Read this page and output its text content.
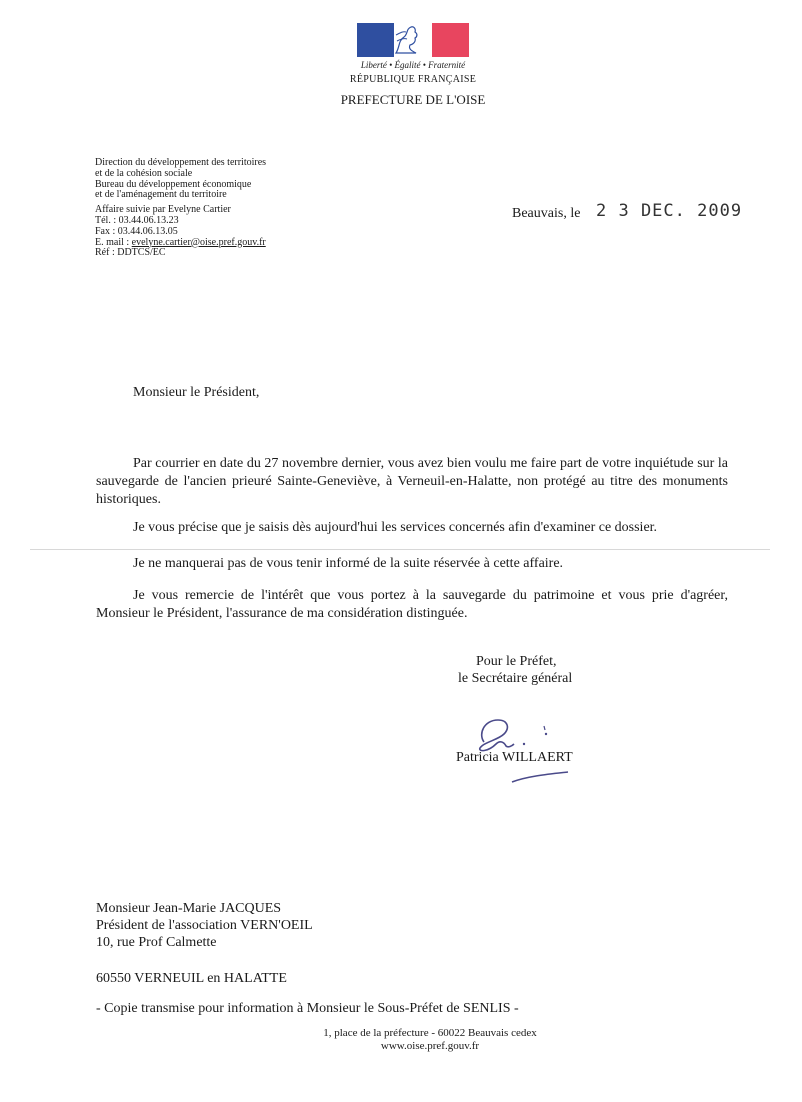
Liberté • Égalité • Fraternité
RÉPUBLIQUE FRANÇAISE
PREFECTURE DE L'OISE
Direction du développement des territoires
et de la cohésion sociale
Bureau du développement économique
et de l'aménagement du territoire
Affaire suivie par Evelyne Cartier
Tél. : 03.44.06.13.23
Fax : 03.44.06.13.05
E. mail : evelyne.cartier@oise.pref.gouv.fr
Réf : DDTCS/EC
Beauvais, le 2 3 DEC. 2009
Monsieur le Président,
Par courrier en date du 27 novembre dernier, vous avez bien voulu me faire part de votre inquiétude sur la sauvegarde de l'ancien prieuré Sainte-Geneviève, à Verneuil-en-Halatte, non protégé au titre des monuments historiques.
Je vous précise que je saisis dès aujourd'hui les services concernés afin d'examiner ce dossier.
Je ne manquerai pas de vous tenir informé de la suite réservée à cette affaire.
Je vous remercie de l'intérêt que vous portez à la sauvegarde du patrimoine et vous prie d'agréer, Monsieur le Président, l'assurance de ma considération distinguée.
Pour le Préfet,
le Secrétaire général
Patricia WILLAERT
Monsieur Jean-Marie JACQUES
Président de l'association VERN'OEIL
10, rue Prof Calmette
60550 VERNEUIL en HALATTE
- Copie transmise pour information à Monsieur le Sous-Préfet de SENLIS -
1, place de la préfecture - 60022 Beauvais cedex
www.oise.pref.gouv.fr
